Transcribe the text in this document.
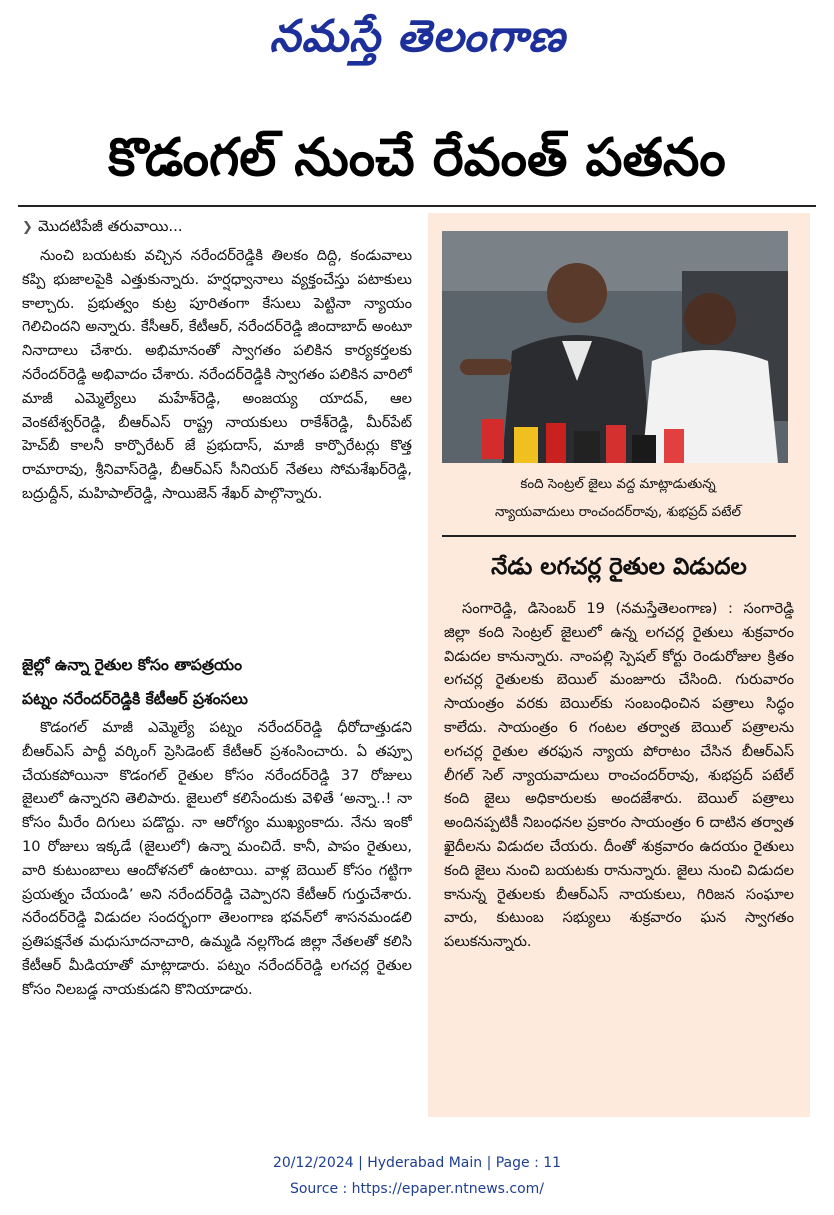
నమస్తే తెలంగాణ
కొడంగల్ నుంచే రేవంత్ పతనం
❯ మొదటిపేజీ తరువాయి...

నుంచి బయటకు వచ్చిన నరేందర్‌రెడ్డికి తిలకం దిద్ది, కండువాలు కప్పి భుజాలపైకి ఎత్తుకున్నారు. హర్షధ్వానాలు వ్యక్తంచేస్తు పటాకులు కాల్చారు. ప్రభుత్వం కుట్ర పూరితంగా కేసులు పెట్టినా న్యాయం గెలిచిందని అన్నారు. కేసీఆర్, కేటీఆర్, నరేందర్‌రెడ్డి జిందాబాద్ అంటూ నినాదాలు చేశారు. అభిమానంతో స్వాగతం పలికిన కార్యకర్తలకు నరేందర్‌రెడ్డి అభివాదం చేశారు. నరేందర్‌రెడ్డికి స్వాగతం పలికిన వారిలో మాజీ ఎమ్మెల్యేలు మహేశ్‌రెడ్డి, అంజయ్య యాదవ్, ఆల వెంకటేశ్వర్‌రెడ్డి, బీఆర్‌ఎస్ రాష్ట్ర నాయకులు రాకేశ్‌రెడ్డి, మీర్‌పేట్ హెచ్‌బీ కాలనీ కార్పొరేటర్ జే ప్రభుదాస్, మాజీ కార్పొరేటర్లు కొత్త రామారావు, శ్రీనివాస్‌రెడ్డి, బీఆర్‌ఎస్ సీనియర్ నేతలు సోమశేఖర్‌రెడ్డి, బద్రుద్దీన్, మహిపాల్‌రెడ్డి, సాయిజెన్ శేఖర్ పాల్గొన్నారు.

జైల్లో ఉన్నా రైతుల కోసం తాపత్రయం
పట్నం నరేందర్‌రెడ్డికి కేటీఆర్ ప్రశంసలు

కొడంగల్ మాజీ ఎమ్మెల్యే పట్నం నరేందర్‌రెడ్డి ధీరోదాత్తుడని బీఆర్‌ఎస్ పార్టీ వర్కింగ్ ప్రెసిడెంట్ కేటీఆర్ ప్రశంసించారు. ఏ తప్పూ చేయకపోయినా కొడంగల్ రైతుల కోసం నరేందర్‌రెడ్డి 37 రోజులు జైలులో ఉన్నారని తెలిపారు. జైలులో కలిసేందుకు వెళితే ‘అన్నా..! నా కోసం మీరేం దిగులు పడొద్దు. నా ఆరోగ్యం ముఖ్యంకాదు. నేను ఇంకో 10 రోజులు ఇక్కడే (జైలులో) ఉన్నా మంచిదే. కానీ, పాపం రైతులు, వారి కుటుంబాలు ఆందోళనలో ఉంటాయి. వాళ్ల బెయిల్ కోసం గట్టిగా ప్రయత్నం చేయండి’ అని నరేందర్‌రెడ్డి చెప్పారని కేటీఆర్ గుర్తుచేశారు. నరేందర్‌రెడ్డి విడుదల సందర్భంగా తెలంగాణ భవన్‌లో శాసనమండలి ప్రతిపక్షనేత మధుసూదనాచారి, ఉమ్మడి నల్లగొండ జిల్లా నేతలతో కలిసి కేటీఆర్ మీడియాతో మాట్లాడారు. పట్నం నరేందర్‌రెడ్డి లగచర్ల రైతుల కోసం నిలబడ్డ నాయకుడని కొనియాడారు.

కంది సెంట్రల్ జైలు వద్ద మాట్లాడుతున్న
న్యాయవాదులు రాంచందర్‌రావు, శుభప్రద్ పటేల్
నేడు లగచర్ల రైతుల విడుదల

సంగారెడ్డి, డిసెంబర్ 19 (నమస్తేతెలంగాణ) : సంగారెడ్డి జిల్లా కంది సెంట్రల్ జైలులో ఉన్న లగచర్ల రైతులు శుక్రవారం విడుదల కానున్నారు. నాంపల్లి స్పెషల్ కోర్టు రెండురోజుల క్రితం లగచర్ల రైతులకు బెయిల్ మంజూరు చేసింది. గురువారం సాయంత్రం వరకు బెయిల్‌కు సంబంధించిన పత్రాలు సిద్ధం కాలేదు. సాయంత్రం 6 గంటల తర్వాత బెయిల్ పత్రాలను లగచర్ల రైతుల తరఫున న్యాయ పోరాటం చేసిన బీఆర్‌ఎస్ లీగల్ సెల్ న్యాయవాదులు రాంచందర్‌రావు, శుభప్రద్ పటేల్ కంది జైలు అధికారులకు అందజేశారు. బెయిల్ పత్రాలు అందినప్పటికీ నిబంధనల ప్రకారం సాయంత్రం 6 దాటిన తర్వాత ఖైదీలను విడుదల చేయరు. దీంతో శుక్రవారం ఉదయం రైతులు కంది జైలు నుంచి బయటకు రానున్నారు. జైలు నుంచి విడుదల కానున్న రైతులకు బీఆర్‌ఎస్ నాయకులు, గిరిజన సంఘాల వారు, కుటుంబ సభ్యులు శుక్రవారం ఘన స్వాగతం పలుకనున్నారు.

20/12/2024 | Hyderabad Main | Page : 11
Source : https://epaper.ntnews.com/
